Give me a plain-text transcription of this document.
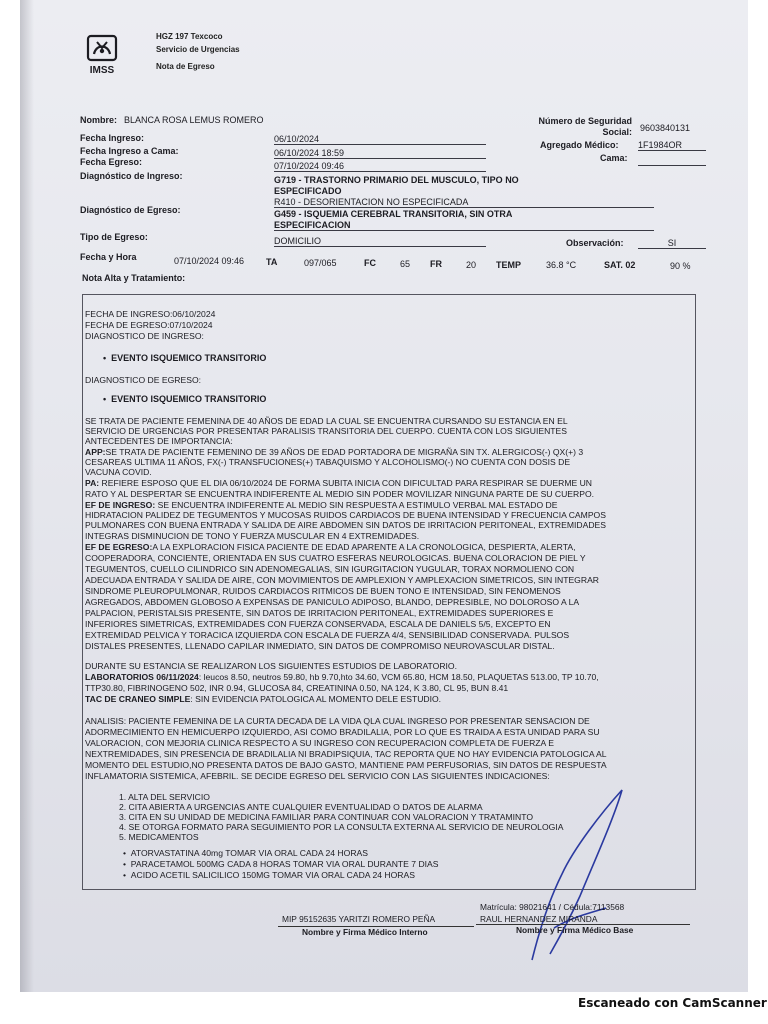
IMSS
HGZ 197 Texcoco
Servicio de Urgencias
Nota de Egreso
Nombre: BLANCA ROSA LEMUS ROMERO	Número de Seguridad Social: 9603840131
Fecha Ingreso:	06/10/2024
Agregado Médico: 1F1984OR
Fecha Ingreso a Cama:	06/10/2024 18:59
Fecha Egreso:	07/10/2024 09:46
Cama:
Diagnóstico de Ingreso:	G719 - TRASTORNO PRIMARIO DEL MUSCULO, TIPO NO
ESPECIFICADO
R410 - DESORIENTACION NO ESPECIFICADA
Diagnóstico de Egreso:	G459 - ISQUEMIA CEREBRAL TRANSITORIA, SIN OTRA
ESPECIFICACION
Tipo de Egreso:	DOMICILIO	Observación:	SI
Fecha y Hora	07/10/2024 09:46 TA	097/065	FC	65 FR	20 TEMP	36.8 °C	SAT. 02	90 %
Nota Alta y Tratamiento:
FECHA DE INGRESO:06/10/2024
FECHA DE EGRESO:07/10/2024
DIAGNOSTICO DE INGRESO:
•  EVENTO ISQUEMICO TRANSITORIO
DIAGNOSTICO DE EGRESO:
•  EVENTO ISQUEMICO TRANSITORIO
SE TRATA DE PACIENTE FEMENINA DE 40 AÑOS DE EDAD LA CUAL SE ENCUENTRA CURSANDO SU ESTANCIA EN EL
SERVICIO DE URGENCIAS POR PRESENTAR PARALISIS TRANSITORIA DEL CUERPO. CUENTA CON LOS SIGUIENTES
ANTECEDENTES DE IMPORTANCIA:
APP:SE TRATA DE PACIENTE FEMENINO DE 39 AÑOS DE EDAD PORTADORA DE MIGRAÑA SIN TX. ALERGICOS(-) QX(+) 3
CESAREAS ULTIMA 11 AÑOS, FX(-) TRANSFUCIONES(+) TABAQUISMO Y ALCOHOLISMO(-) NO CUENTA CON DOSIS DE
VACUNA COVID.
PA: REFIERE ESPOSO QUE EL DIA 06/10/2024 DE FORMA SUBITA INICIA CON DIFICULTAD PARA RESPIRAR SE DUERME UN
RATO Y AL DESPERTAR SE ENCUENTRA INDIFERENTE AL MEDIO SIN PODER MOVILIZAR NINGUNA PARTE DE SU CUERPO.
EF DE INGRESO: SE ENCUENTRA INDIFERENTE AL MEDIO SIN RESPUESTA A ESTIMULO VERBAL MAL ESTADO DE
HIDRATACION PALIDEZ DE TEGUMENTOS Y MUCOSAS RUIDOS CARDIACOS DE BUENA INTENSIDAD Y FRECUENCIA CAMPOS
PULMONARES CON BUENA ENTRADA Y SALIDA DE AIRE ABDOMEN SIN DATOS DE IRRITACION PERITONEAL, EXTREMIDADES
INTEGRAS DISMINUCION DE TONO Y FUERZA MUSCULAR EN 4 EXTREMIDADES.
EF DE EGRESO:A LA EXPLORACION FISICA PACIENTE DE EDAD APARENTE A LA CRONOLOGICA, DESPIERTA, ALERTA,
COOPERADORA, CONCIENTE, ORIENTADA EN SUS CUATRO ESFERAS NEUROLOGICAS. BUENA COLORACION DE PIEL Y
TEGUMENTOS, CUELLO CILINDRICO SIN ADENOMEGALIAS, SIN IGURGITACION YUGULAR, TORAX NORMOLIENO CON
ADECUADA ENTRADA Y SALIDA DE AIRE, CON MOVIMIENTOS DE AMPLEXION Y AMPLEXACION SIMETRICOS, SIN INTEGRAR
SINDROME PLEUROPULMONAR, RUIDOS CARDIACOS RITMICOS DE BUEN TONO E INTENSIDAD, SIN FENOMENOS
AGREGADOS, ABDOMEN GLOBOSO A EXPENSAS DE PANICULO ADIPOSO, BLANDO, DEPRESIBLE, NO DOLOROSO A LA
PALPACION, PERISTALSIS PRESENTE, SIN DATOS DE IRRITACION PERITONEAL, EXTREMIDADES SUPERIORES E
INFERIORES SIMETRICAS, EXTREMIDADES CON FUERZA CONSERVADA, ESCALA DE DANIELS 5/5, EXCEPTO EN
EXTREMIDAD PELVICA Y TORACICA IZQUIERDA CON ESCALA DE FUERZA 4/4, SENSIBILIDAD CONSERVADA. PULSOS
DISTALES PRESENTES, LLENADO CAPILAR INMEDIATO, SIN DATOS DE COMPROMISO NEUROVASCULAR DISTAL.
DURANTE SU ESTANCIA SE REALIZARON LOS SIGUIENTES ESTUDIOS DE LABORATORIO.
LABORATORIOS 06/11/2024: leucos 8.50, neutros 59.80, hb 9.70,hto 34.60, VCM 65.80, HCM 18.50, PLAQUETAS 513.00, TP 10.70,
TTP30.80, FIBRINOGENO 502, INR 0.94, GLUCOSA 84, CREATININA 0.50, NA 124, K 3.80, CL 95, BUN 8.41
TAC DE CRANEO SIMPLE: SIN EVIDENCIA PATOLOGICA AL MOMENTO DELE ESTUDIO.
ANALISIS: PACIENTE FEMENINA DE LA CURTA DECADA DE LA VIDA QLA CUAL INGRESO POR PRESENTAR SENSACION DE
ADORMECIMIENTO EN HEMICUERPO IZQUIERDO, ASI COMO BRADILALIA, POR LO QUE ES TRAIDA A ESTA UNIDAD PARA SU
VALORACION, CON MEJORIA CLINICA RESPECTO A SU INGRESO CON RECUPERACION COMPLETA DE FUERZA E
NEXTREMIDADES, SIN PRESENCIA DE BRADILALIA NI BRADIPSIQUIA, TAC REPORTA QUE NO HAY EVIDENCIA PATOLOGICA AL
MOMENTO DEL ESTUDIO,NO PRESENTA DATOS DE BAJO GASTO, MANTIENE PAM PERFUSORIAS, SIN DATOS DE RESPUESTA
INFLAMATORIA SISTEMICA, AFEBRIL. SE DECIDE EGRESO DEL SERVICIO CON LAS SIGUIENTES INDICACIONES:
1. ALTA DEL SERVICIO
2. CITA ABIERTA A URGENCIAS ANTE CUALQUIER EVENTUALIDAD O DATOS DE ALARMA
3. CITA EN SU UNIDAD DE MEDICINA FAMILIAR PARA CONTINUAR CON VALORACION Y TRATAMINTO
4. SE OTORGA FORMATO PARA SEGUIMIENTO POR LA CONSULTA EXTERNA AL SERVICIO DE NEUROLOGIA
5. MEDICAMENTOS
•  ATORVASTATINA 40mg TOMAR VIA ORAL CADA 24 HORAS
•  PARACETAMOL 500MG CADA 8 HORAS TOMAR VIA ORAL DURANTE 7 DIAS
•  ACIDO ACETIL SALICILICO 150MG TOMAR VIA ORAL CADA 24 HORAS
MIP 95152635 YARITZI ROMERO PEÑA
Nombre y Firma Médico Interno
Matrícula: 98021641 / Cédula:7113568
RAUL HERNANDEZ MIRANDA
Nombre y Firma Médico Base
Escaneado con CamScanner
